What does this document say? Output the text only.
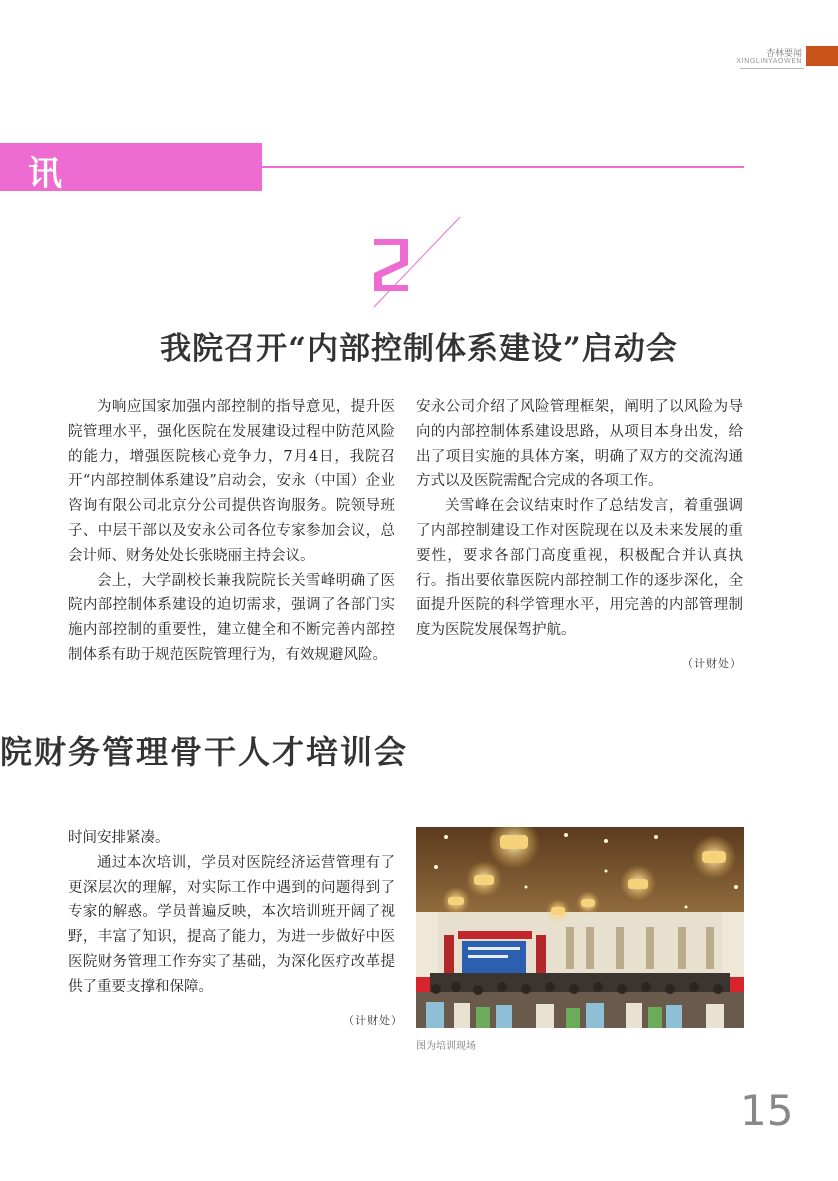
杏林要闻
XINGLINYAOWEN
讯
我院召开“内部控制体系建设”启动会

为响应国家加强内部控制的指导意见，提升医院管理水平，强化医院在发展建设过程中防范风险的能力，增强医院核心竞争力，7月4日，我院召开“内部控制体系建设”启动会，安永（中国）企业咨询有限公司北京分公司提供咨询服务。院领导班子、中层干部以及安永公司各位专家参加会议，总会计师、财务处处长张晓丽主持会议。

会上，大学副校长兼我院院长关雪峰明确了医院内部控制体系建设的迫切需求，强调了各部门实施内部控制的重要性，建立健全和不断完善内部控制体系有助于规范医院管理行为，有效规避风险。

安永公司介绍了风险管理框架，阐明了以风险为导向的内部控制体系建设思路，从项目本身出发，给出了项目实施的具体方案，明确了双方的交流沟通方式以及医院需配合完成的各项工作。

关雪峰在会议结束时作了总结发言，着重强调了内部控制建设工作对医院现在以及未来发展的重要性，要求各部门高度重视，积极配合并认真执行。指出要依靠医院内部控制工作的逐步深化，全面提升医院的科学管理水平，用完善的内部管理制度为医院发展保驾护航。

（计财处）
院财务管理骨干人才培训会

时间安排紧凑。

通过本次培训，学员对医院经济运营管理有了更深层次的理解，对实际工作中遇到的问题得到了专家的解惑。学员普遍反映，本次培训班开阔了视野，丰富了知识，提高了能力，为进一步做好中医医院财务管理工作夯实了基础，为深化医疗改革提供了重要支撑和保障。

（计财处）
图为培训现场
15
